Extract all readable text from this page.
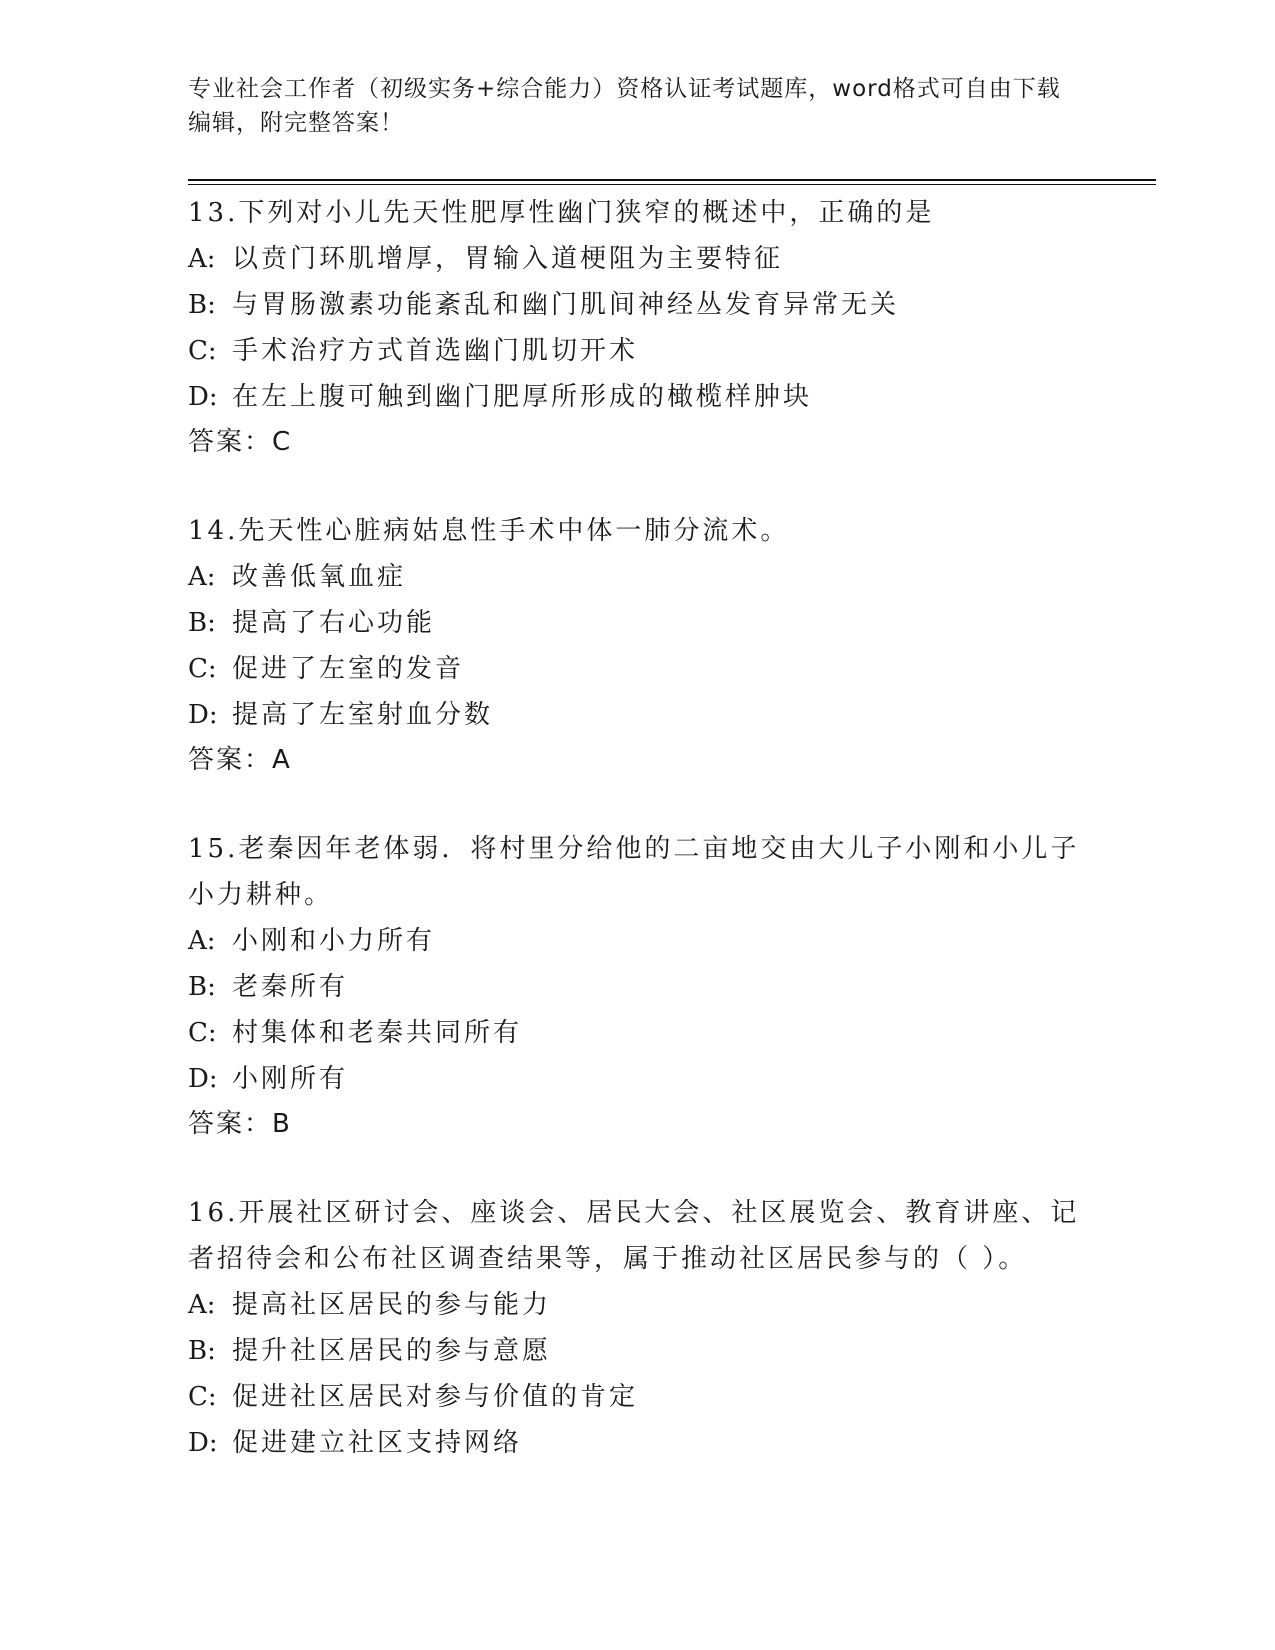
专业社会工作者（初级实务+综合能力）资格认证考试题库，word格式可自由下载
编辑，附完整答案！
13.下列对小儿先天性肥厚性幽门狭窄的概述中，正确的是
A: 以贲门环肌增厚，胃输入道梗阻为主要特征
B: 与胃肠激素功能紊乱和幽门肌间神经丛发育异常无关
C: 手术治疗方式首选幽门肌切开术
D: 在左上腹可触到幽门肥厚所形成的橄榄样肿块
答案：C
14.先天性心脏病姑息性手术中体一肺分流术。
A: 改善低氧血症
B: 提高了右心功能
C: 促进了左室的发音
D: 提高了左室射血分数
答案：A
15.老秦因年老体弱．将村里分给他的二亩地交由大儿子小刚和小儿子小力耕种。
A: 小刚和小力所有
B: 老秦所有
C: 村集体和老秦共同所有
D: 小刚所有
答案：B
16.开展社区研讨会、座谈会、居民大会、社区展览会、教育讲座、记者招待会和公布社区调查结果等，属于推动社区居民参与的（ ）。
A: 提高社区居民的参与能力
B: 提升社区居民的参与意愿
C: 促进社区居民对参与价值的肯定
D: 促进建立社区支持网络
